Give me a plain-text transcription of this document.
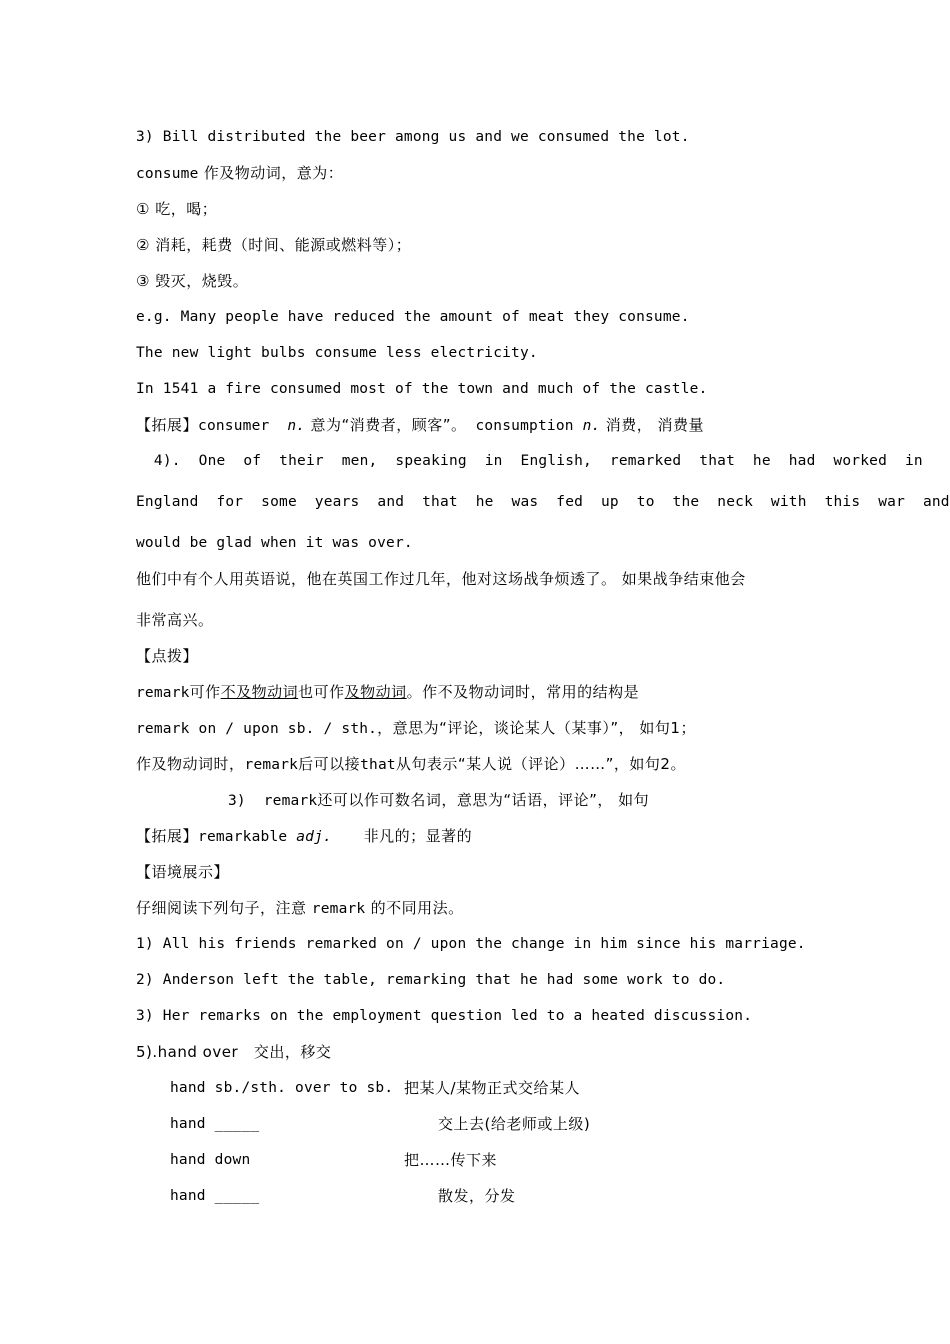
3) Bill distributed the beer among us and we consumed the lot.
consume 作及物动词，意为：
① 吃，喝；
② 消耗，耗费（时间、能源或燃料等）；
③ 毁灭，烧毁。
e.g. Many people have reduced the amount of meat they consume.
The new light bulbs consume less electricity.
In 1541 a fire consumed most of the town and much of the castle.
【拓展】consumer  n. 意为“消费者，顾客”。 consumption n. 消费， 消费量
4). One of their men, speaking in English, remarked that he had worked in
England for some years and that he was fed up to the neck with this war and
would be glad when it was over.
他们中有个人用英语说，他在英国工作过几年，他对这场战争烦透了。 如果战争结束他会
非常高兴。
【点拨】
remark可作不及物动词也可作及物动词。作不及物动词时，常用的结构是
remark on / upon sb. / sth.，意思为“评论，谈论某人（某事）”， 如句1；
作及物动词时，remark后可以接that从句表示“某人说（评论）……”，如句2。
3)  remark还可以作可数名词，意思为“话语，评论”， 如句
【拓展】remarkable adj.      非凡的；显著的
【语境展示】
仔细阅读下列句子，注意 remark 的不同用法。
1) All his friends remarked on / upon the change in him since his marriage.
2) Anderson left the table, remarking that he had some work to do.
3) Her remarks on the employment question led to a heated discussion.
5).hand over   交出，移交
hand sb./sth. over to sb. 把某人/某物正式交给某人
hand _____	交上去(给老师或上级)
hand down	把……传下来
hand _____	散发，分发
